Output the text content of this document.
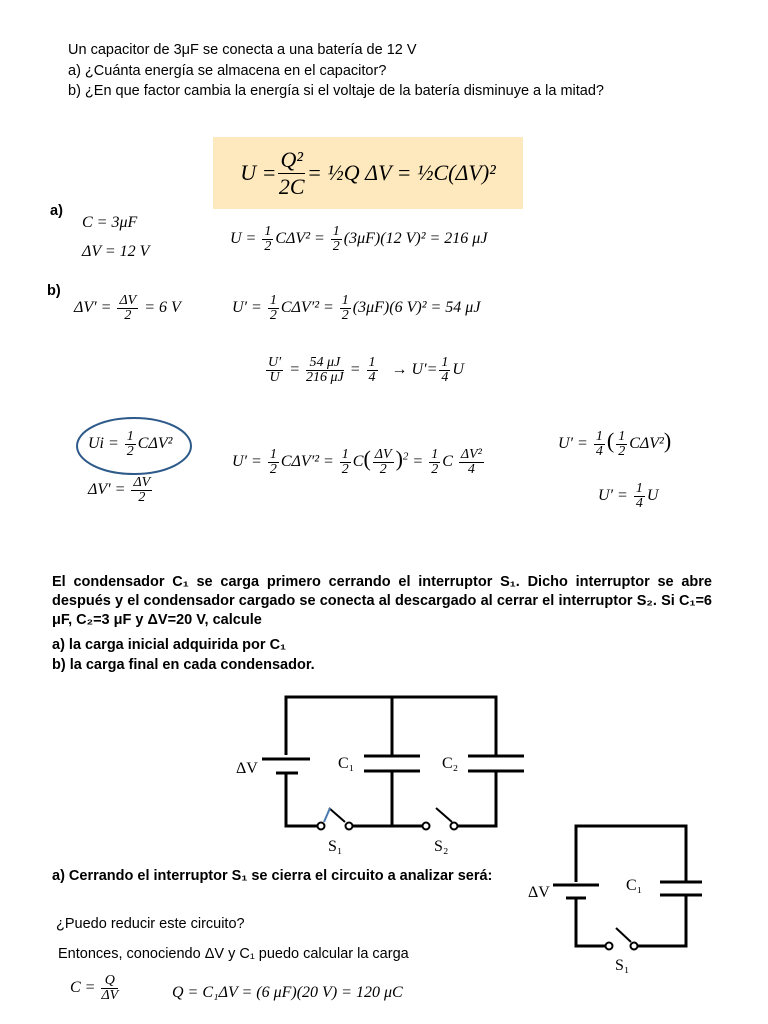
Un capacitor de 3μF se conecta a una batería de 12 V
a) ¿Cuánta energía se almacena en el capacitor?
b) ¿En que factor cambia la energía si el voltaje de la batería disminuye a la mitad?
$U = \frac{\text{Q²}}{2C}$ = ½Q ΔV = ½C(ΔV)²
a)
C = 3μF
ΔV = 12 V
$U = \frac{1}{2} C\Delta V^2 = \frac{1}{2} (3\mu F)(12$ V)² = 216 μJ
b)
$\Delta V' = \frac{\Delta V}{2} = 6$ V	$U' = \frac{1}{2} C\Delta V'^2 = \frac{1}{2} (3\mu F)(6$ V)² = 54 μJ
$\frac{U'}{U} = \frac{54 \mu J}{216 \mu J} = \frac{1}{4} \to U'= \frac{1}{4}$ U
$Ui = \frac{1}{2} C\Delta V^2$
$\Delta V' = \frac{\Delta V}{2}$
$U' = \frac{1}{2} C\Delta V'^2 = \frac{1}{2} C( \frac{\Delta V}{2} )^2 = \frac{1}{2}$ C $\frac{\text{ΔV²}}{4}$
$U' = \frac{1}{4}$ ( $\frac{1}{2} C\Delta V^2$)
$U' = \frac{1}{4}$ U
El condensador C₁ se carga primero cerrando el interruptor S₁. Dicho interruptor se abre después y el condensador cargado se conecta al descargado al cerrar el interruptor S₂. Si C₁=6 μF, C₂=3 μF y ΔV=20 V, calcule
a) la carga inicial adquirida por C₁
b) la carga final en cada condensador.
ΔV	C₁	C₂
S₁	S₂
ΔV	C₁
S₁
a) Cerrando el interruptor S₁ se cierra el circuito a analizar será:
¿Puedo reducir este circuito?
Entonces, conociendo ΔV y C₁ puedo calcular la carga
$C = \frac{Q}{\Delta V}$	Q = C₁ΔV = (6 μF)(20 V) = 120 μC
